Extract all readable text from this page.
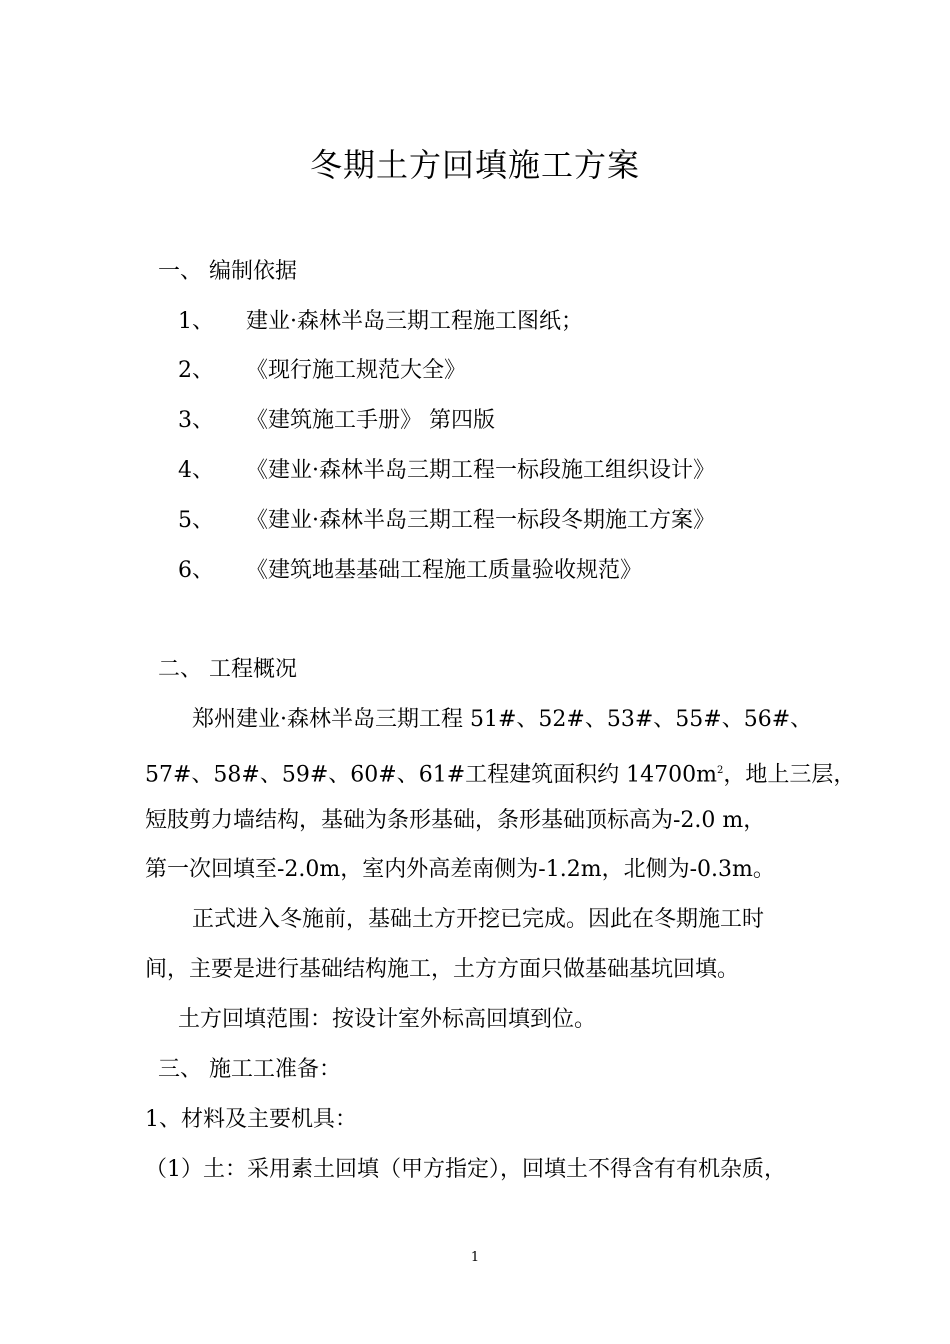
冬期土方回填施工方案
一、 编制依据
1、 建业·森林半岛三期工程施工图纸；
2、 《现行施工规范大全》
3、 《建筑施工手册》 第四版
4、 《建业·森林半岛三期工程一标段施工组织设计》
5、 《建业·森林半岛三期工程一标段冬期施工方案》
6、 《建筑地基基础工程施工质量验收规范》
二、 工程概况
郑州建业·森林半岛三期工程 51#、52#、53#、55#、56#、
57#、58#、59#、60#、61#工程建筑面积约 $14700m^2$，地上三层，
短肢剪力墙结构，基础为条形基础，条形基础顶标高为-2.0 m，
第一次回填至-2.0m，室内外高差南侧为-1.2m，北侧为-0.3m。
正式进入冬施前，基础土方开挖已完成。因此在冬期施工时
间，主要是进行基础结构施工，土方方面只做基础基坑回填。
土方回填范围：按设计室外标高回填到位。
三、 施工工准备：
1、材料及主要机具：
（1）土：采用素土回填（甲方指定），回填土不得含有有机杂质，
1
